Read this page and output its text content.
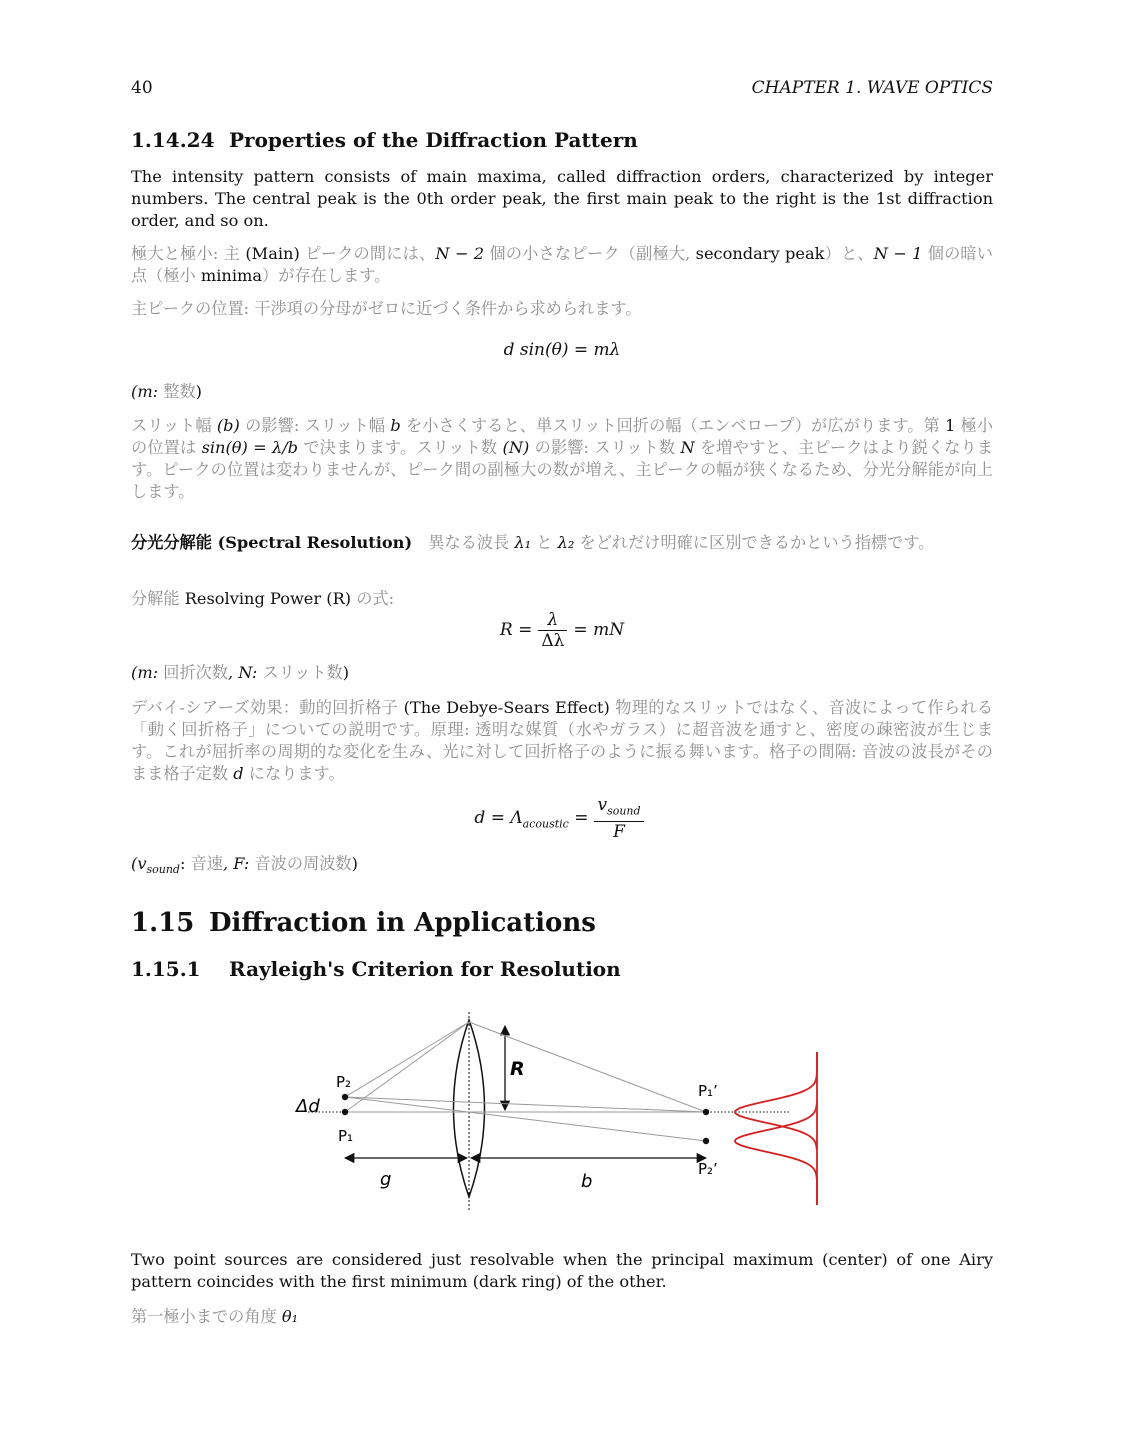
40	CHAPTER 1. WAVE OPTICS
1.14.24 Properties of the Diffraction Pattern
The intensity pattern consists of main maxima, called diffraction orders, characterized by integer numbers. The central peak is the 0th order peak, the first main peak to the right is the 1st diffraction order, and so on.
極大と極小: 主 (Main) ピークの間には、N − 2 個の小さなピーク（副極大, secondary peak）と、N − 1 個の暗い点（極小 minima）が存在します。
主ピークの位置: 干渉項の分母がゼロに近づく条件から求められます。
d sin(θ) = mλ
(m: 整数)
スリット幅 (b) の影響: スリット幅 b を小さくすると、単スリット回折の幅（エンベロープ）が広がります。第 1 極小の位置は sin(θ) = λ/b で決まります。スリット数 (N) の影響: スリット数 N を増やすと、主ピークはより鋭くなります。ピークの位置は変わりませんが、ピーク間の副極大の数が増え、主ピークの幅が狭くなるため、分光分解能が向上します。
分光分解能 (Spectral Resolution)　異なる波長 λ₁ と λ₂ をどれだけ明確に区別できるかという指標です。
分解能 Resolving Power (R) の式:
$R = \frac{\lambda}{\Delta\lambda}$ = mN
(m: 回折次数, N: スリット数)
デバイ-シアーズ効果：動的回折格子 (The Debye-Sears Effect) 物理的なスリットではなく、音波によって作られる「動く回折格子」についての説明です。原理: 透明な媒質（水やガラス）に超音波を通すと、密度の疎密波が生じます。これが屈折率の周期的な変化を生み、光に対して回折格子のように振る舞います。格子の間隔: 音波の波長がそのまま格子定数 d になります。
$d = \Lambda_{acoustic} = \frac{v_{sound}}{F}$
($v_{sound}$: 音速, F: 音波の周波数)
1.15 Diffraction in Applications
1.15.1 Rayleigh's Criterion for Resolution
Two point sources are considered just resolvable when the principal maximum (center) of one Airy pattern coincides with the first minimum (dark ring) of the other.
第一極小までの角度 θ₁
R
P₂
P₁
P₁’
P₂’
Δd
g	b
